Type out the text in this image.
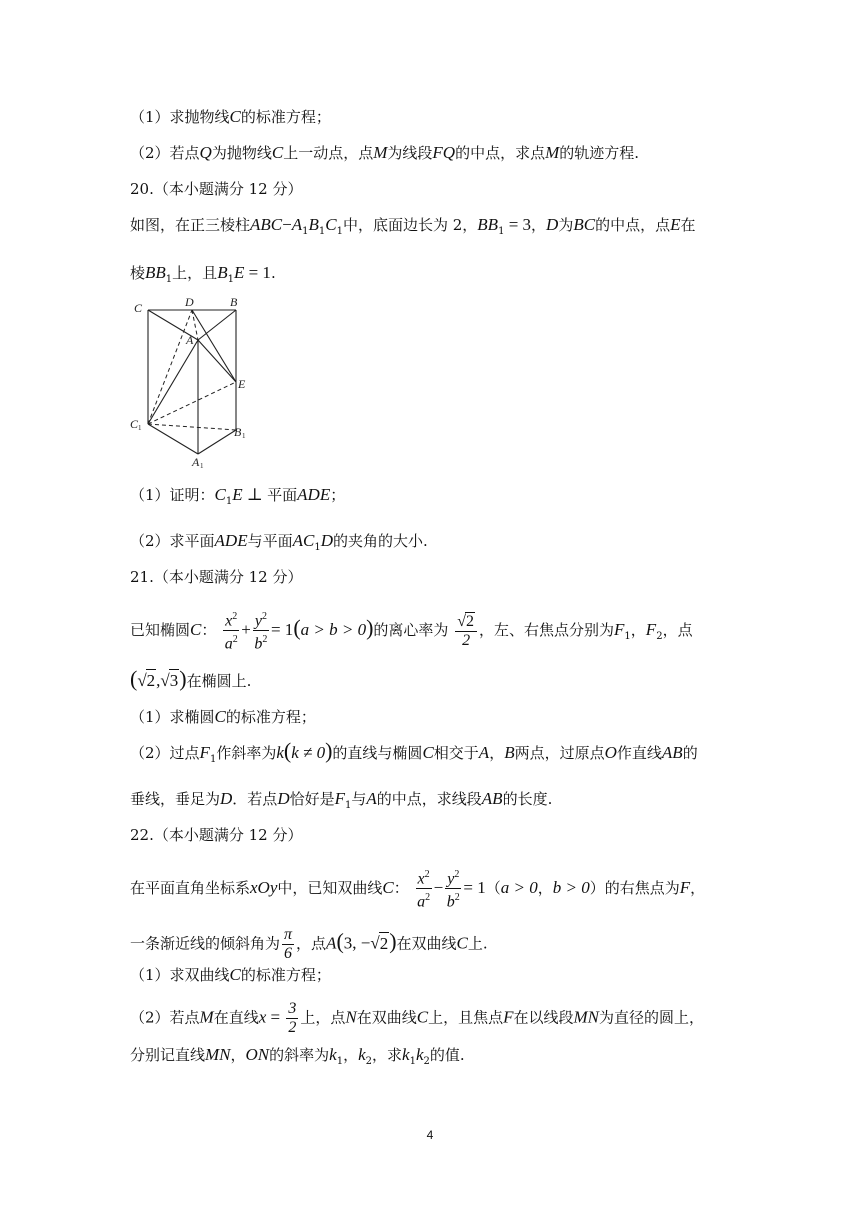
（1）求抛物线C的标准方程；
（2）若点Q为抛物线C上一动点，点M为线段FQ的中点，求点M的轨迹方程.
20.（本小题满分 12 分）
如图，在正三棱柱$ABC-A_1B_1C_1$中，底面边长为 2，$BB_1 = 3$，D为BC的中点，点E在
棱$BB_1$上，且$B_1E = 1$.
C	D	B
A
E
C 1	B 1
A 1
（1）证明：$C_1E$ ⊥ 平面ADE；
（2）求平面ADE与平面$AC_1D$的夹角的大小.
21.（本小题满分 12 分）
已知椭圆C： $\frac{x^2}{a^2} + \frac{y^2}{b^2} = 1(a > b > 0)$的离心率为 $\frac{√2}{2}$ ，左、右焦点分别为$F_1$，$F_2$，点
(√2,√3)在椭圆上.
（1）求椭圆C的标准方程；
（2）过点$F_1$作斜率为k(k ≠ 0)的直线与椭圆C相交于A，B两点，过原点O作直线AB的
垂线，垂足为D．若点D恰好是$F_1$与A的中点，求线段AB的长度.
22.（本小题满分 12 分）
在平面直角坐标系xOy中，已知双曲线C： $\frac{x^2}{a^2} - \frac{y^2}{b^2} = 1(a > 0$，b > 0）的右焦点为F，
一条渐近线的倾斜角为 $\frac{\pi}{6}$ ，点A(3, −√2)在双曲线C上.
（1）求双曲线C的标准方程；
（2）若点M在直线$x = \frac{3}{2}$ 上，点N在双曲线C上，且焦点F在以线段MN为直径的圆上，
分别记直线MN，ON的斜率为$k_1$，$k_2$，求$k_1k_2$的值.
4
